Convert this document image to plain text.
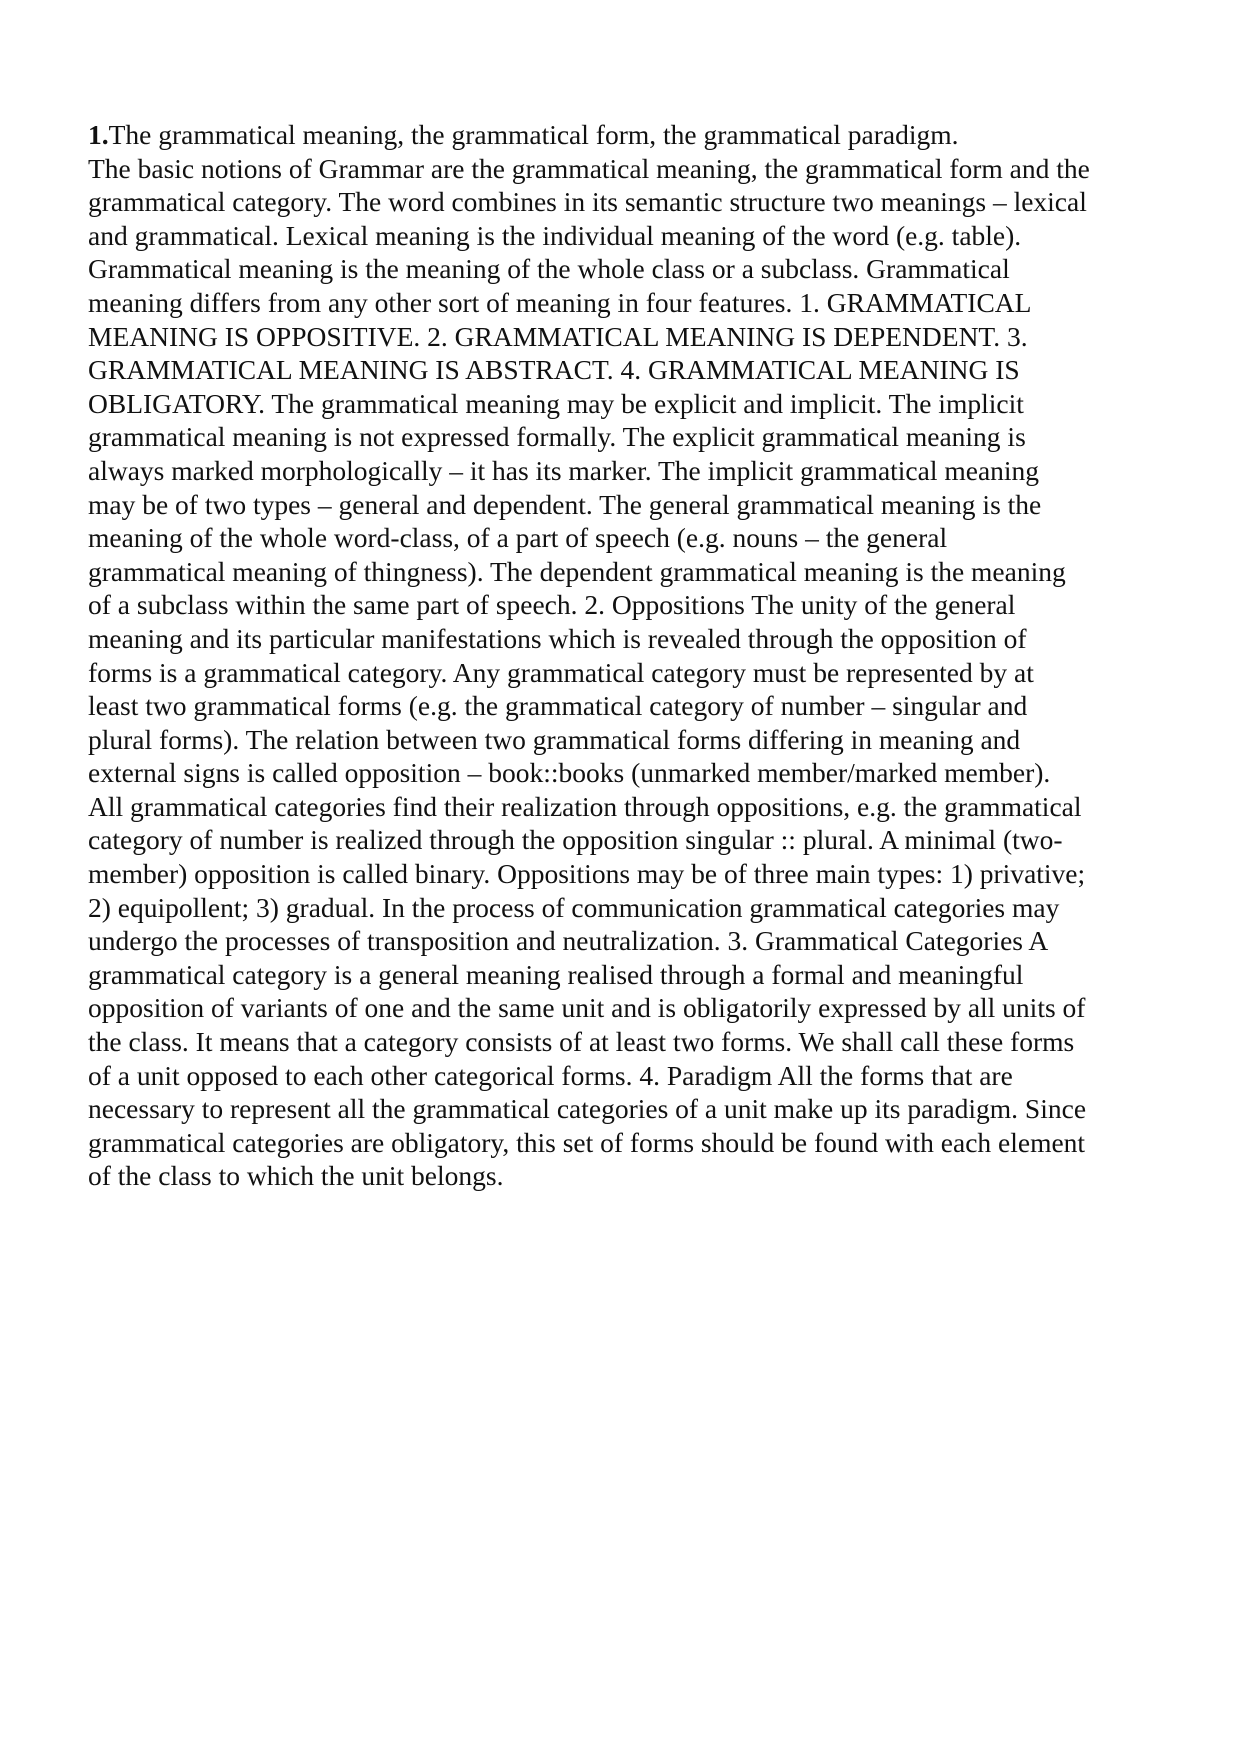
1.The grammatical meaning, the grammatical form, the grammatical paradigm.
The basic notions of Grammar are the grammatical meaning, the grammatical form and the
grammatical category. The word combines in its semantic structure two meanings – lexical
and grammatical. Lexical meaning is the individual meaning of the word (e.g. table).
Grammatical meaning is the meaning of the whole class or a subclass. Grammatical
meaning differs from any other sort of meaning in four features. 1. GRAMMATICAL
MEANING IS OPPOSITIVE. 2. GRAMMATICAL MEANING IS DEPENDENT. 3.
GRAMMATICAL MEANING IS ABSTRACT. 4. GRAMMATICAL MEANING IS
OBLIGATORY. The grammatical meaning may be explicit and implicit. The implicit
grammatical meaning is not expressed formally. The explicit grammatical meaning is
always marked morphologically – it has its marker. The implicit grammatical meaning
may be of two types – general and dependent. The general grammatical meaning is the
meaning of the whole word-class, of a part of speech (e.g. nouns – the general
grammatical meaning of thingness). The dependent grammatical meaning is the meaning
of a subclass within the same part of speech. 2. Oppositions The unity of the general
meaning and its particular manifestations which is revealed through the opposition of
forms is a grammatical category. Any grammatical category must be represented by at
least two grammatical forms (e.g. the grammatical category of number – singular and
plural forms). The relation between two grammatical forms differing in meaning and
external signs is called opposition – book::books (unmarked member/marked member).
All grammatical categories find their realization through oppositions, e.g. the grammatical
category of number is realized through the opposition singular :: plural. A minimal (two-
member) opposition is called binary. Oppositions may be of three main types: 1) privative;
2) equipollent; 3) gradual. In the process of communication grammatical categories may
undergo the processes of transposition and neutralization. 3. Grammatical Categories A
grammatical category is a general meaning realised through a formal and meaningful
opposition of variants of one and the same unit and is obligatorily expressed by all units of
the class. It means that a category consists of at least two forms. We shall call these forms
of a unit opposed to each other categorical forms. 4. Paradigm All the forms that are
necessary to represent all the grammatical categories of a unit make up its paradigm. Since
grammatical categories are obligatory, this set of forms should be found with each element
of the class to which the unit belongs.
